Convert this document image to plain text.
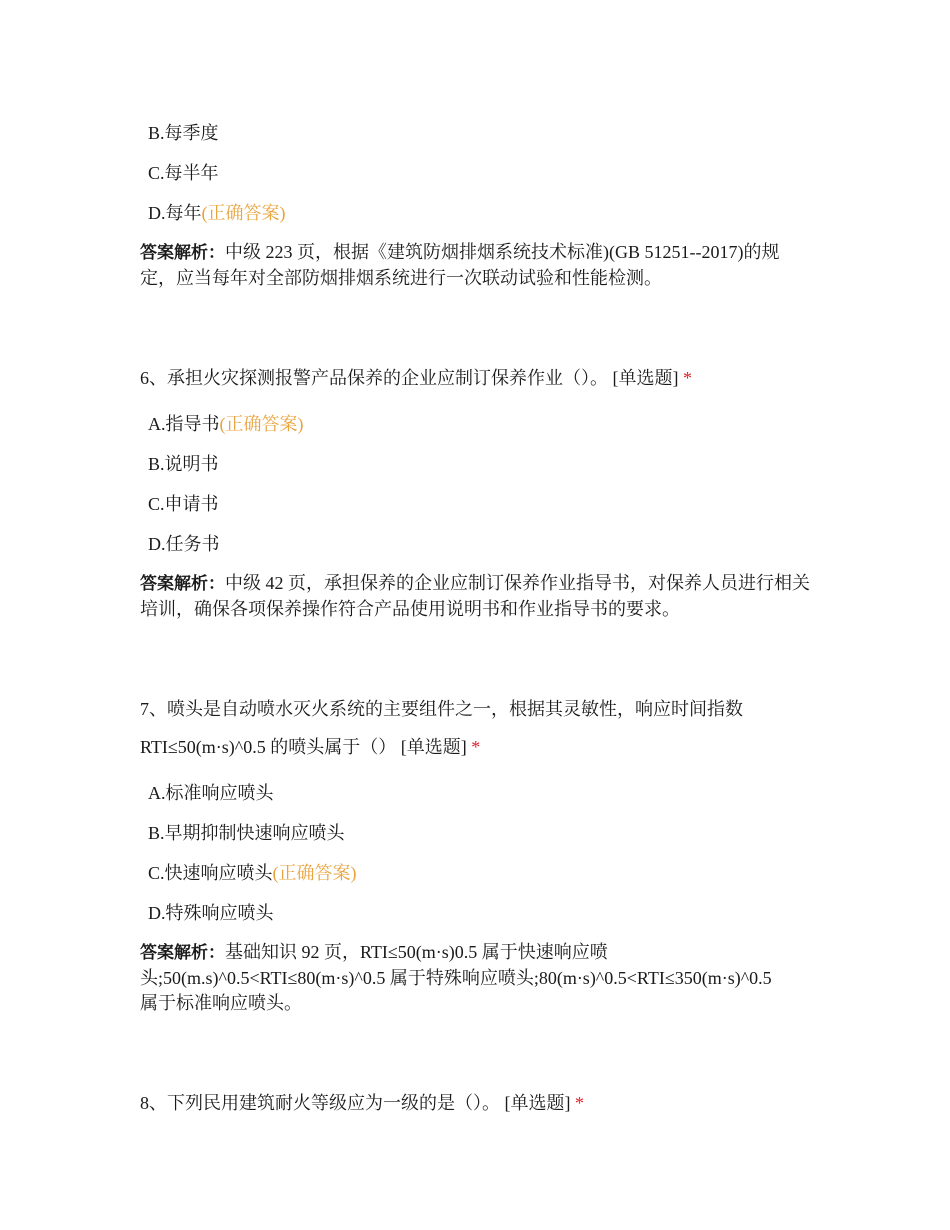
B.每季度
C.每半年
D.每年(正确答案)
答案解析：中级 223 页，根据《建筑防烟排烟系统技术标准)(GB 51251--2017)的规定，应当每年对全部防烟排烟系统进行一次联动试验和性能检测。
6、承担火灾探测报警产品保养的企业应制订保养作业（）。 [单选题] *
A.指导书(正确答案)
B.说明书
C.申请书
D.任务书
答案解析：中级 42 页，承担保养的企业应制订保养作业指导书，对保养人员进行相关培训，确保各项保养操作符合产品使用说明书和作业指导书的要求。
7、喷头是自动喷水灭火系统的主要组件之一，根据其灵敏性，响应时间指数
RTI≤50(m·s)^0.5 的喷头属于（） [单选题] *
A.标准响应喷头
B.早期抑制快速响应喷头
C.快速响应喷头(正确答案)
D.特殊响应喷头
答案解析：基础知识 92 页，RTI≤50(m·s)0.5 属于快速响应喷
头;50(m.s)^0.5<RTI≤80(m·s)^0.5 属于特殊响应喷头;80(m·s)^0.5<RTI≤350(m·s)^0.5
属于标准响应喷头。
8、下列民用建筑耐火等级应为一级的是（）。 [单选题] *
